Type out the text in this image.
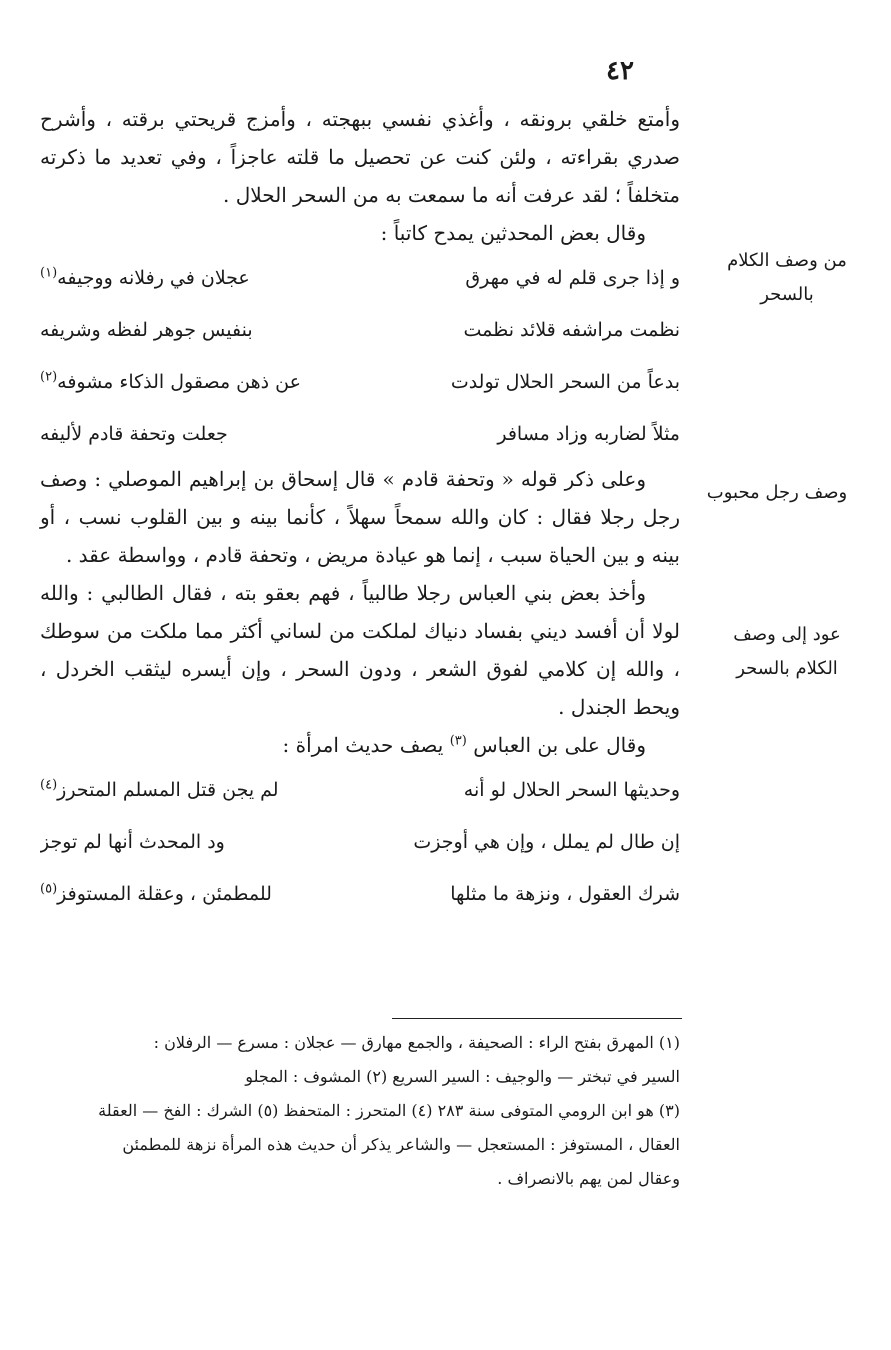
٤٢
من وصف الكلام بالسحر
وصف رجل محبوب
عود إلى وصف الكلام بالسحر

وأمتع خلقي برونقه ، وأغذي نفسي ببهجته ، وأمزج قريحتي برقته ، وأشرح صدري بقراءته ، ولئن كنت عن تحصيل ما قلته عاجزاً ، وفي تعديد ما ذكرته متخلفاً ؛ لقد عرفت أنه ما سمعت به من السحر الحلال .

وقال بعض المحدثين يمدح كاتباً :

و إذا جرى قلم له في مهرق
عجلان في رفلانه ووجيفه$^{(١)}$
نظمت مراشفه قلائد نظمت
بنفيس جوهر لفظه وشريفه
بدعاً من السحر الحلال تولدت
عن ذهن مصقول الذكاء مشوفه$^{(٢)}$
مثلاً لضاربه وزاد مسافر
جعلت وتحفة قادم لأليفه

وعلى ذكر قوله « وتحفة قادم » قال إسحاق بن إبراهيم الموصلي : وصف رجل رجلا فقال : كان والله سمحاً سهلاً ، كأنما بينه و بين القلوب نسب ، أو بينه و بين الحياة سبب ، إنما هو عيادة مريض ، وتحفة قادم ، وواسطة عقد .

وأخذ بعض بني العباس رجلا طالبياً ، فهم بعقو بته ، فقال الطالبي : والله لولا أن أفسد ديني بفساد دنياك لملكت من لساني أكثر مما ملكت من سوطك ، والله إن كلامي لفوق الشعر ، ودون السحر ، وإن أيسره ليثقب الخردل ، ويحط الجندل .

وقال على بن العباس $^{(٣)}$ يصف حديث امرأة :

وحديثها السحر الحلال لو أنه
لم يجن قتل المسلم المتحرز$^{(٤)}$
إن طال لم يملل ، وإن هي أوجزت
ود المحدث أنها لم توجز
شرك العقول ، ونزهة ما مثلها
للمطمئن ، وعقلة المستوفز$^{(٥)}$

(١) المهرق بفتح الراء : الصحيفة ، والجمع مهارق — عجلان : مسرع — الرفلان :

السير في تبختر — والوجيف : السير السريع (٢) المشوف : المجلو

(٣) هو ابن الرومي المتوفى سنة ٢٨٣ (٤) المتحرز : المتحفظ (٥) الشرك : الفخ — العقلة

العقال ، المستوفز : المستعجل — والشاعر يذكر أن حديث هذه المرأة نزهة للمطمئن

وعقال لمن يهم بالانصراف .
